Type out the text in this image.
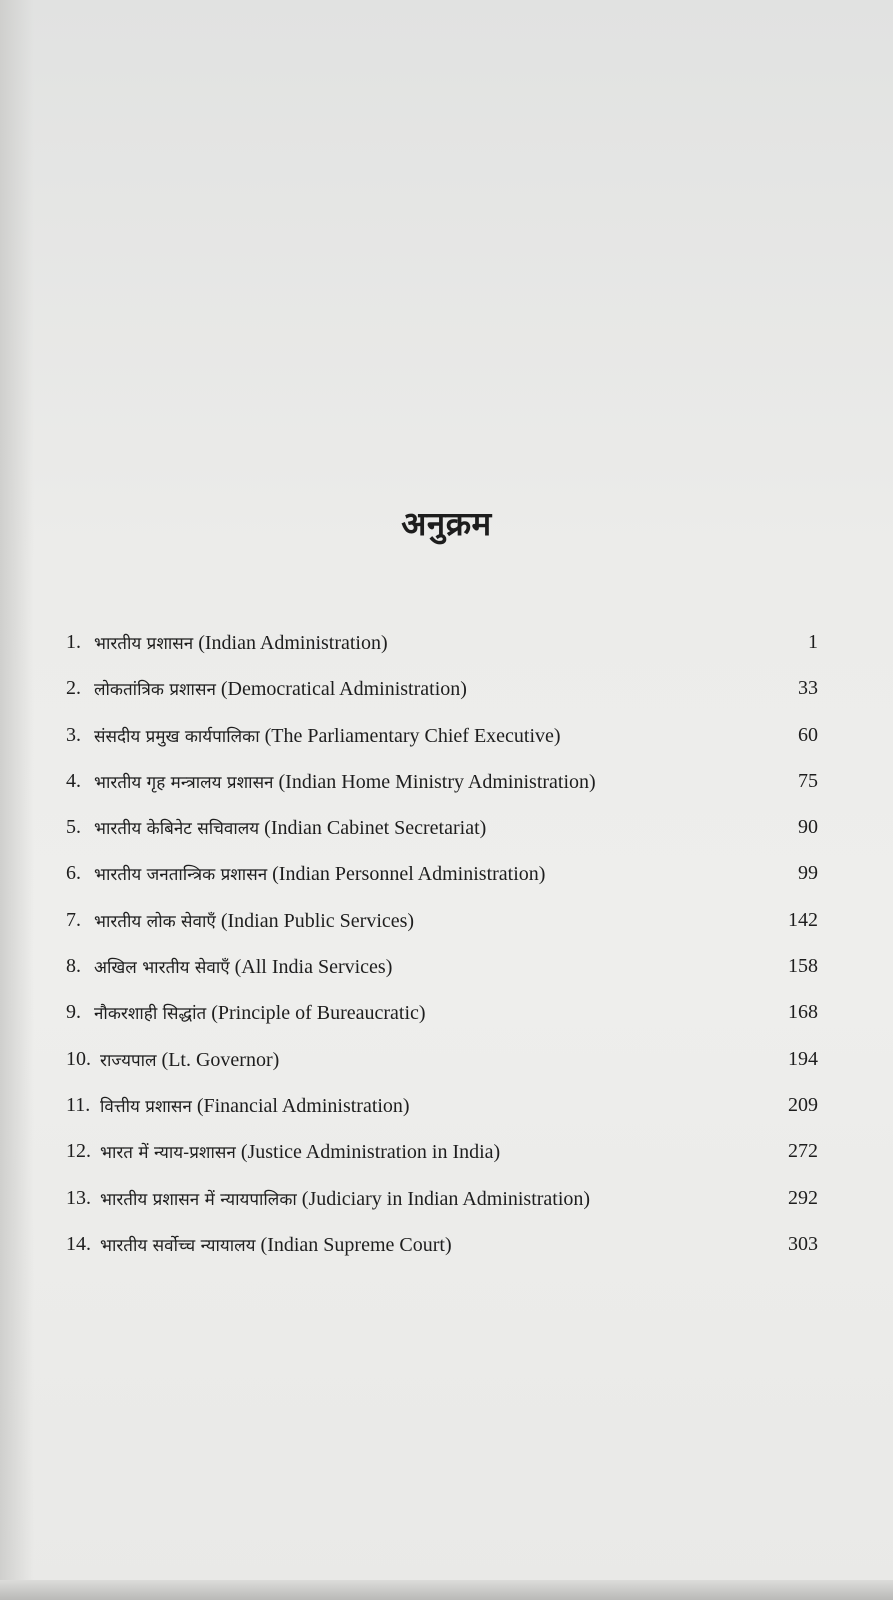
अनुक्रम
1. भारतीय प्रशासन (Indian Administration)	1
2. लोकतांत्रिक प्रशासन (Democratical Administration)	33
3. संसदीय प्रमुख कार्यपालिका (The Parliamentary Chief Executive)	60
4. भारतीय गृह मन्त्रालय प्रशासन (Indian Home Ministry Administration)	75
5. भारतीय केबिनेट सचिवालय (Indian Cabinet Secretariat)	90
6. भारतीय जनतान्त्रिक प्रशासन (Indian Personnel Administration)	99
7. भारतीय लोक सेवाएँ (Indian Public Services)	142
8. अखिल भारतीय सेवाएँ (All India Services)	158
9. नौकरशाही सिद्धांत (Principle of Bureaucratic)	168
10. राज्यपाल (Lt. Governor)	194
11. वित्तीय प्रशासन (Financial Administration)	209
12. भारत में न्याय-प्रशासन (Justice Administration in India)	272
13. भारतीय प्रशासन में न्यायपालिका (Judiciary in Indian Administration)	292
14. भारतीय सर्वोच्च न्यायालय (Indian Supreme Court)	303
